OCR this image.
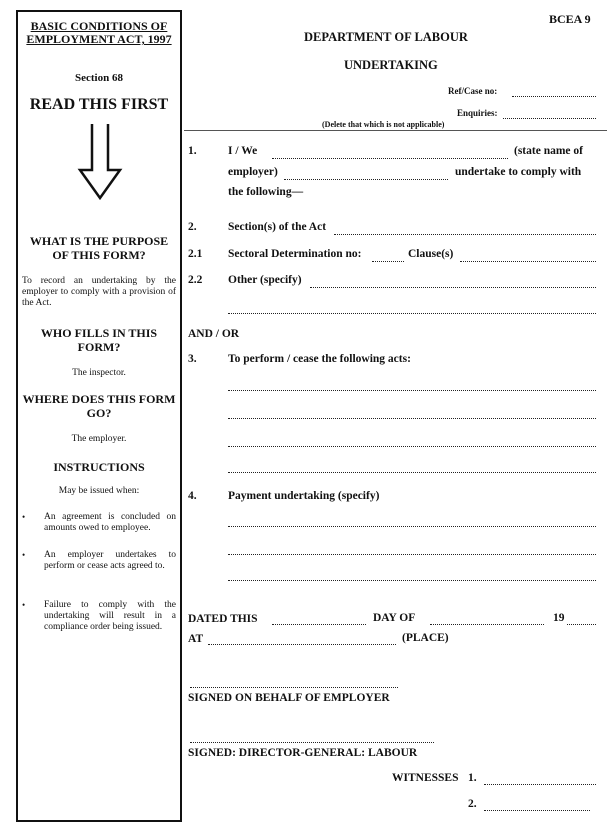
BASIC CONDITIONS OF EMPLOYMENT ACT, 1997
Section 68
READ THIS FIRST
WHAT IS THE PURPOSE OF THIS FORM?
To record an undertaking by the employer to comply with a provision of the Act.
WHO FILLS IN THIS FORM?
The inspector.
WHERE DOES THIS FORM GO?
The employer.
INSTRUCTIONS
May be issued when:
• An agreement is concluded on amounts owed to employee.
• An employer undertakes to perform or cease acts agreed to.
• Failure to comply with the undertaking will result in a compliance order being issued.
BCEA 9
DEPARTMENT OF LABOUR
UNDERTAKING
Ref/Case no:
Enquiries:
(Delete that which is not applicable)
1.	I / We	(state name of
employer)	undertake to comply with
the following—
2.	Section(s) of the Act
2.1 Sectoral Determination no:	Clause(s)
2.2 Other (specify)
AND / OR
3.	To perform / cease the following acts:
4.	Payment undertaking (specify)
DATED THIS	DAY OF	19
AT	(PLACE)
SIGNED ON BEHALF OF EMPLOYER
SIGNED: DIRECTOR-GENERAL: LABOUR
WITNESSES 1.
2.
